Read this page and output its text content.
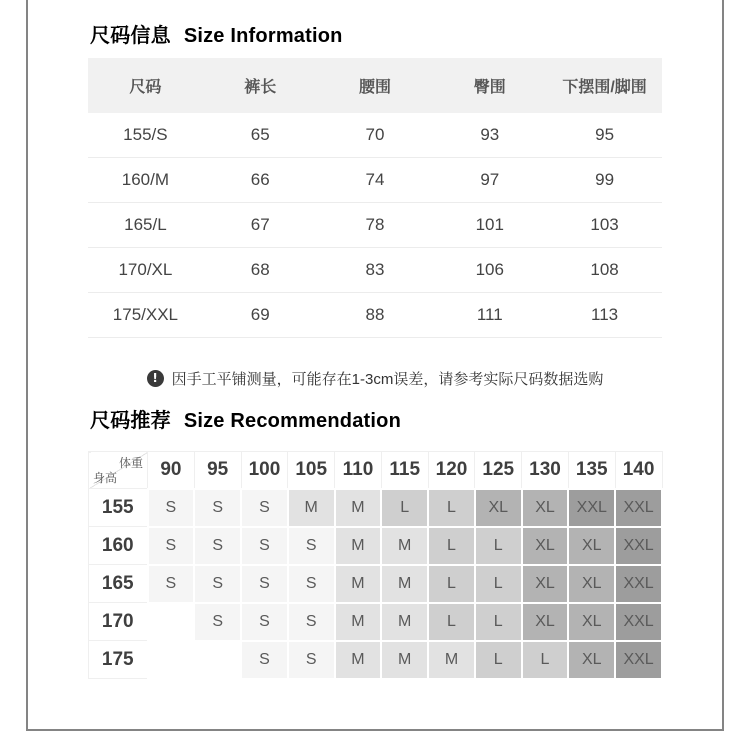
尺码信息 Size Information
尺码	裤长	腰围	臀围	下摆围/脚围
155/S	65	70	93	95
160/M	66	74	97	99
165/L	67	78	101	103
170/XL	68	83	106	108
175/XXL	69	88	111	113
! 因手工平铺测量，可能存在1-3cm误差，请参考实际尺码数据选购
尺码推荐 Size Recommendation
体重
身高	90	95	100	105	110	115	120	125	130	135	140
155	S	S	S	M	M	L	L	XL	XL	XXL	XXL
160	S	S	S	S	M	M	L	L	XL	XL	XXL
165	S	S	S	S	M	M	L	L	XL	XL	XXL
170		S	S	S	M	M	L	L	XL	XL	XXL
175			S	S	M	M	M	L	L	XL	XXL
